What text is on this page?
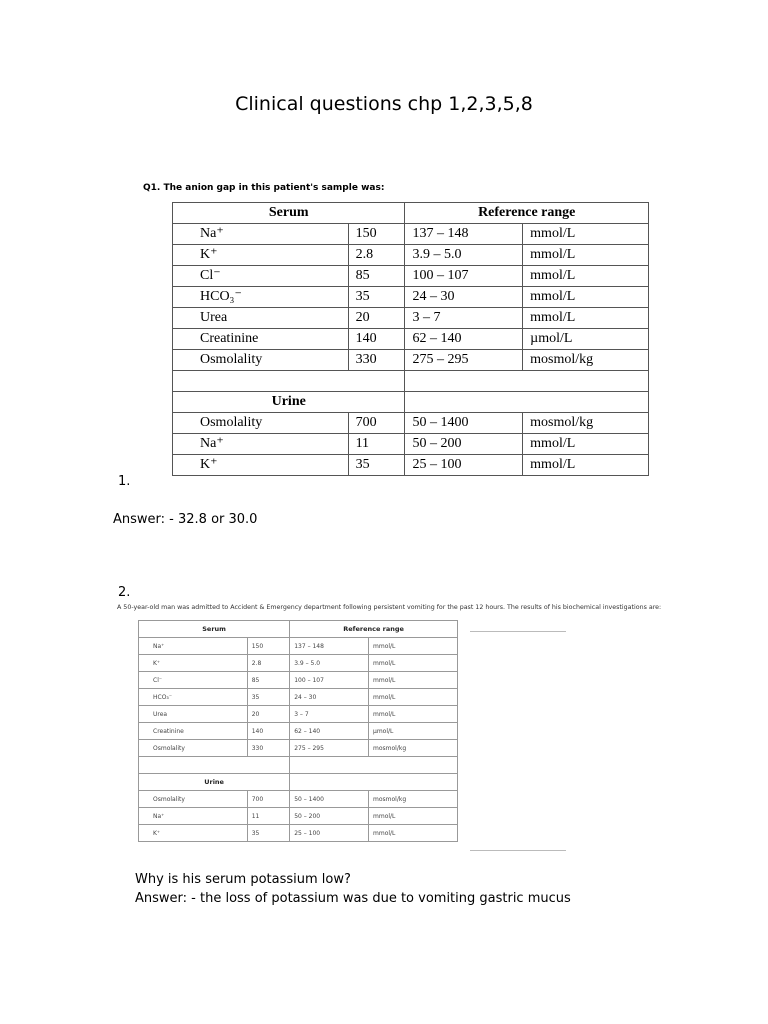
Clinical questions chp 1,2,3,5,8
Q1. The anion gap in this patient's sample was:
Serum		Reference range	
Na⁺	150	137 – 148	mmol/L
K⁺	2.8	3.9 – 5.0	mmol/L
Cl⁻	85	100 – 107	mmol/L
HCO₃⁻	35	24 – 30	mmol/L
Urea	20	3 – 7	mmol/L
Creatinine	140	62 – 140	µmol/L
Osmolality	330	275 – 295	mosmol/kg

Urine			
Osmolality	700	50 – 1400	mosmol/kg
Na⁺	11	50 – 200	mmol/L
K⁺	35	25 – 100	mmol/L
1.
Answer: - 32.8 or 30.0
2.
A 50-year-old man was admitted to Accident & Emergency department following persistent vomiting for the past 12 hours. The results of his biochemical investigations are:
Serum		Reference range	
Na⁺	150	137 – 148	mmol/L
K⁺	2.8	3.9 – 5.0	mmol/L
Cl⁻	85	100 – 107	mmol/L
HCO₃⁻	35	24 – 30	mmol/L
Urea	20	3 – 7	mmol/L
Creatinine	140	62 – 140	µmol/L
Osmolality	330	275 – 295	mosmol/kg

Urine			
Osmolality	700	50 – 1400	mosmol/kg
Na⁺	11	50 – 200	mmol/L
K⁺	35	25 – 100	mmol/L
Why is his serum potassium low?
Answer: - the loss of potassium was due to vomiting gastric mucus
